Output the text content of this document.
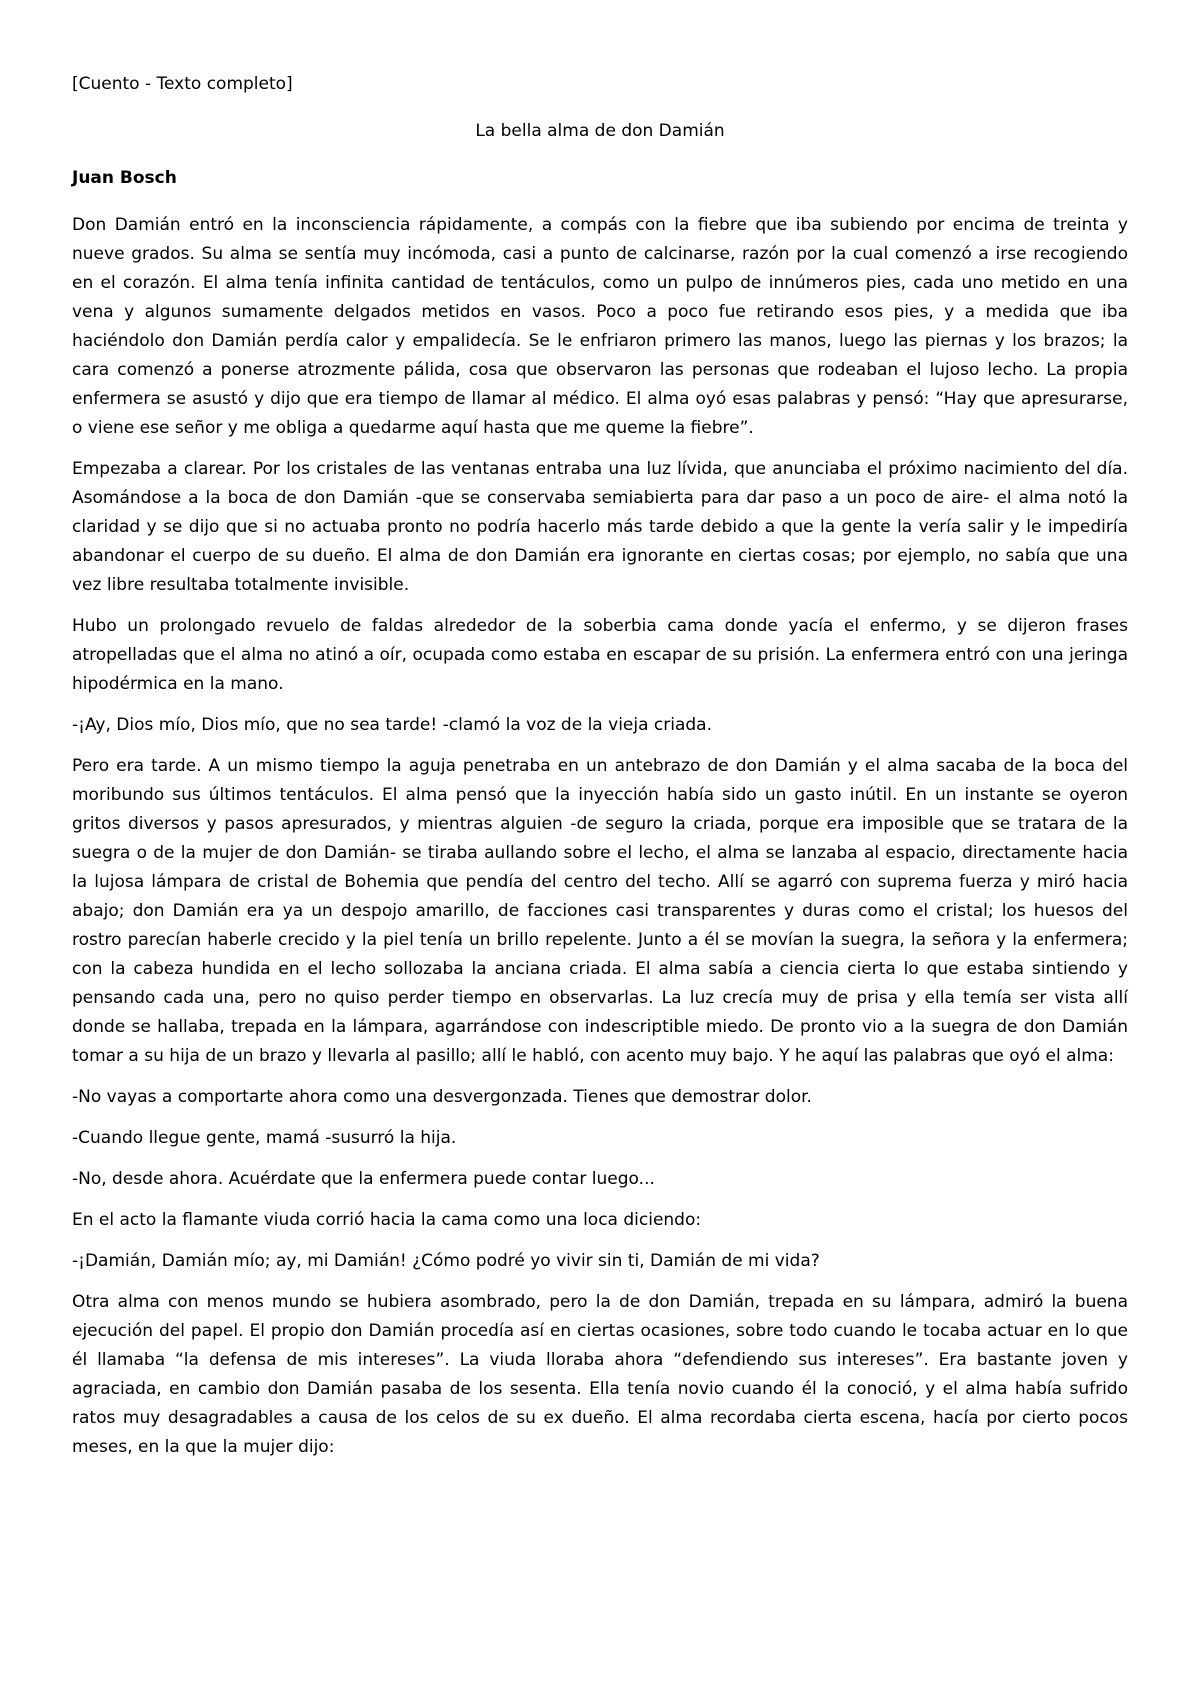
[Cuento - Texto completo]

La bella alma de don Damián

Juan Bosch

Don Damián entró en la inconsciencia rápidamente, a compás con la fiebre que iba subiendo por encima de treinta y nueve grados. Su alma se sentía muy incómoda, casi a punto de calcinarse, razón por la cual comenzó a irse recogiendo en el corazón. El alma tenía infinita cantidad de tentáculos, como un pulpo de innúmeros pies, cada uno metido en una vena y algunos sumamente delgados metidos en vasos. Poco a poco fue retirando esos pies, y a medida que iba haciéndolo don Damián perdía calor y empalidecía. Se le enfriaron primero las manos, luego las piernas y los brazos; la cara comenzó a ponerse atrozmente pálida, cosa que observaron las personas que rodeaban el lujoso lecho. La propia enfermera se asustó y dijo que era tiempo de llamar al médico. El alma oyó esas palabras y pensó: “Hay que apresurarse, o viene ese señor y me obliga a quedarme aquí hasta que me queme la fiebre”.

Empezaba a clarear. Por los cristales de las ventanas entraba una luz lívida, que anunciaba el próximo nacimiento del día. Asomándose a la boca de don Damián -que se conservaba semiabierta para dar paso a un poco de aire- el alma notó la claridad y se dijo que si no actuaba pronto no podría hacerlo más tarde debido a que la gente la vería salir y le impediría abandonar el cuerpo de su dueño. El alma de don Damián era ignorante en ciertas cosas; por ejemplo, no sabía que una vez libre resultaba totalmente invisible.

Hubo un prolongado revuelo de faldas alrededor de la soberbia cama donde yacía el enfermo, y se dijeron frases atropelladas que el alma no atinó a oír, ocupada como estaba en escapar de su prisión. La enfermera entró con una jeringa hipodérmica en la mano.

-¡Ay, Dios mío, Dios mío, que no sea tarde! -clamó la voz de la vieja criada.

Pero era tarde. A un mismo tiempo la aguja penetraba en un antebrazo de don Damián y el alma sacaba de la boca del moribundo sus últimos tentáculos. El alma pensó que la inyección había sido un gasto inútil. En un instante se oyeron gritos diversos y pasos apresurados, y mientras alguien -de seguro la criada, porque era imposible que se tratara de la suegra o de la mujer de don Damián- se tiraba aullando sobre el lecho, el alma se lanzaba al espacio, directamente hacia la lujosa lámpara de cristal de Bohemia que pendía del centro del techo. Allí se agarró con suprema fuerza y miró hacia abajo; don Damián era ya un despojo amarillo, de facciones casi transparentes y duras como el cristal; los huesos del rostro parecían haberle crecido y la piel tenía un brillo repelente. Junto a él se movían la suegra, la señora y la enfermera; con la cabeza hundida en el lecho sollozaba la anciana criada. El alma sabía a ciencia cierta lo que estaba sintiendo y pensando cada una, pero no quiso perder tiempo en observarlas. La luz crecía muy de prisa y ella temía ser vista allí donde se hallaba, trepada en la lámpara, agarrándose con indescriptible miedo. De pronto vio a la suegra de don Damián tomar a su hija de un brazo y llevarla al pasillo; allí le habló, con acento muy bajo. Y he aquí las palabras que oyó el alma:

-No vayas a comportarte ahora como una desvergonzada. Tienes que demostrar dolor.

-Cuando llegue gente, mamá -susurró la hija.

-No, desde ahora. Acuérdate que la enfermera puede contar luego...

En el acto la flamante viuda corrió hacia la cama como una loca diciendo:

-¡Damián, Damián mío; ay, mi Damián! ¿Cómo podré yo vivir sin ti, Damián de mi vida?

Otra alma con menos mundo se hubiera asombrado, pero la de don Damián, trepada en su lámpara, admiró la buena ejecución del papel. El propio don Damián procedía así en ciertas ocasiones, sobre todo cuando le tocaba actuar en lo que él llamaba “la defensa de mis intereses”. La viuda lloraba ahora “defendiendo sus intereses”. Era bastante joven y agraciada, en cambio don Damián pasaba de los sesenta. Ella tenía novio cuando él la conoció, y el alma había sufrido ratos muy desagradables a causa de los celos de su ex dueño. El alma recordaba cierta escena, hacía por cierto pocos meses, en la que la mujer dijo:
